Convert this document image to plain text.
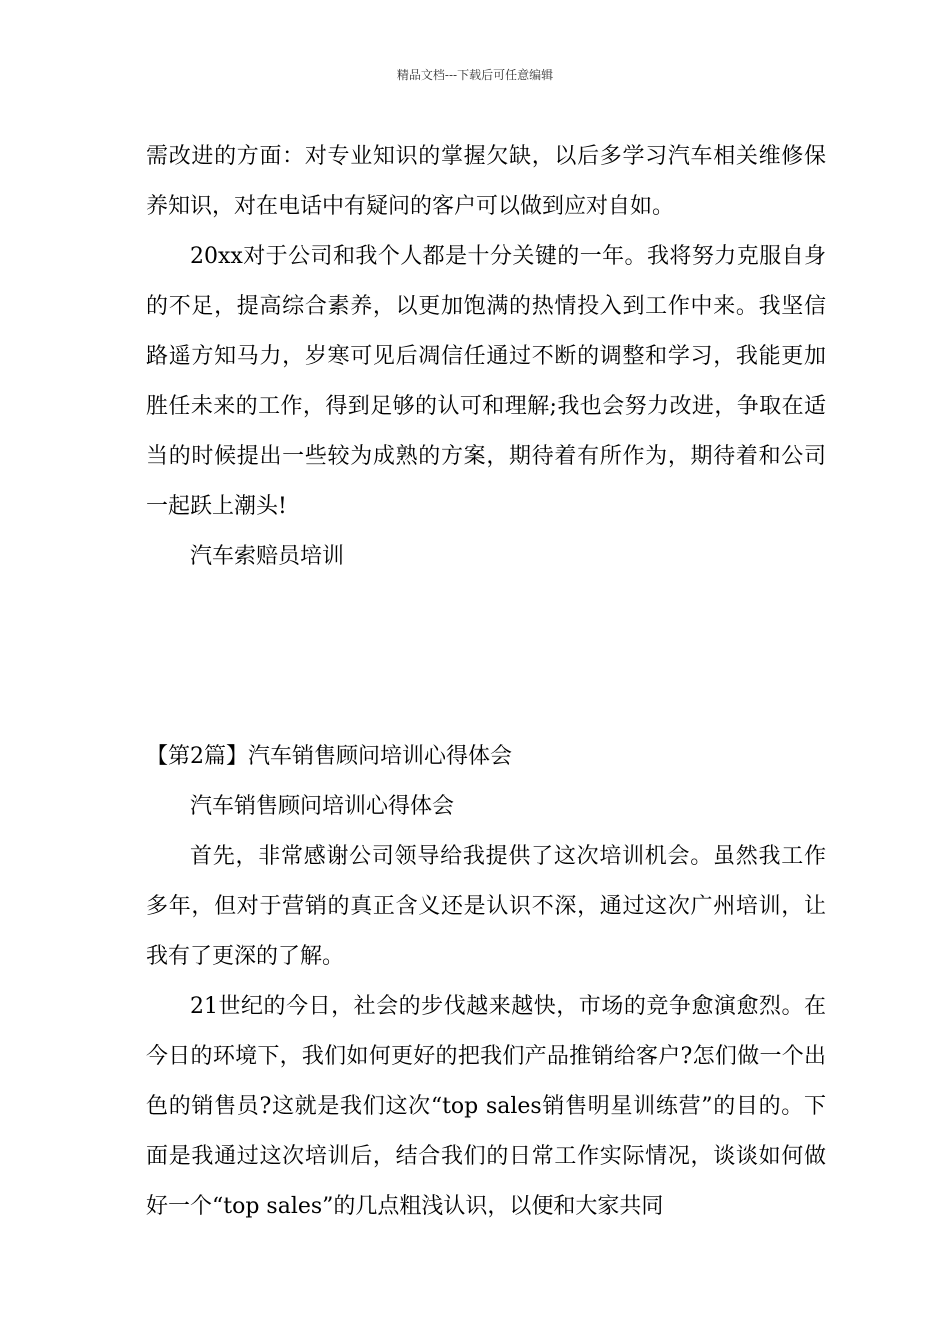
精品文档---下载后可任意编辑

需改进的方面：对专业知识的掌握欠缺，以后多学习汽车相关维修保养知识，对在电话中有疑问的客户可以做到应对自如。

20xx对于公司和我个人都是十分关键的一年。我将努力克服自身的不足，提高综合素养，以更加饱满的热情投入到工作中来。我坚信路遥方知马力，岁寒可见后凋信任通过不断的调整和学习，我能更加胜任未来的工作，得到足够的认可和理解;我也会努力改进，争取在适当的时候提出一些较为成熟的方案，期待着有所作为，期待着和公司一起跃上潮头!

汽车索赔员培训

【第2篇】汽车销售顾问培训心得体会

汽车销售顾问培训心得体会

首先，非常感谢公司领导给我提供了这次培训机会。虽然我工作多年，但对于营销的真正含义还是认识不深，通过这次广州培训，让我有了更深的了解。

21世纪的今日，社会的步伐越来越快，市场的竞争愈演愈烈。在今日的环境下，我们如何更好的把我们产品推销给客户?怎们做一个出色的销售员?这就是我们这次“top sales销售明星训练营”的目的。下面是我通过这次培训后，结合我们的日常工作实际情况，谈谈如何做好一个“top sales”的几点粗浅认识，以便和大家共同
